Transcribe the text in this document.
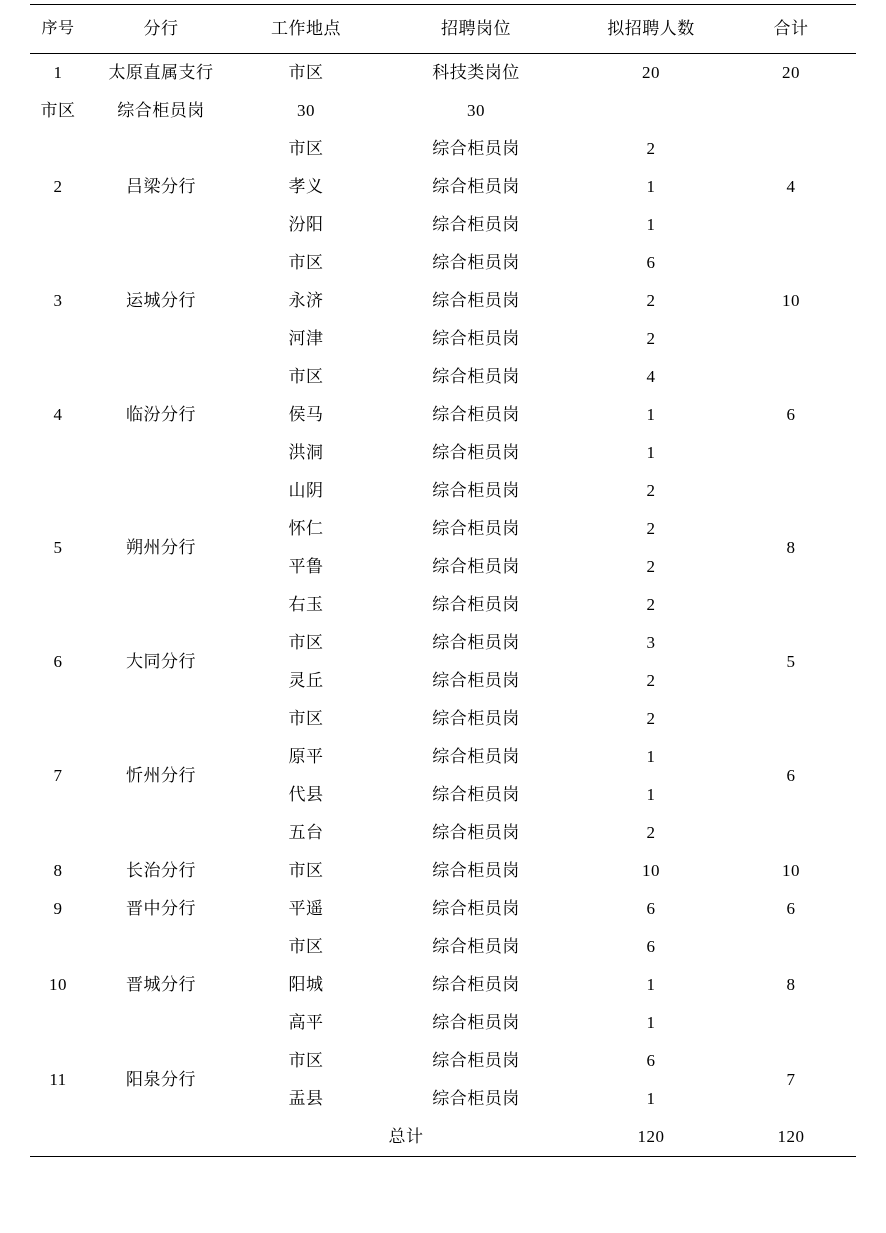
序号	分行	工作地点	招聘岗位	拟招聘人数	合计
1	太原直属支行	市区	科技类岗位	20	20
市区	综合柜员岗	30	30		
2	吕梁分行	市区	综合柜员岗	2	4
		孝义	综合柜员岗	1	
		汾阳	综合柜员岗	1	
3	运城分行	市区	综合柜员岗	6	10
		永济	综合柜员岗	2	
		河津	综合柜员岗	2	
4	临汾分行	市区	综合柜员岗	4	6
		侯马	综合柜员岗	1	
		洪洞	综合柜员岗	1	
5	朔州分行	山阴	综合柜员岗	2	8
		怀仁	综合柜员岗	2	
		平鲁	综合柜员岗	2	
		右玉	综合柜员岗	2	
6	大同分行	市区	综合柜员岗	3	5
		灵丘	综合柜员岗	2	
7	忻州分行	市区	综合柜员岗	2	6
		原平	综合柜员岗	1	
		代县	综合柜员岗	1	
		五台	综合柜员岗	2	
8	长治分行	市区	综合柜员岗	10	10
9	晋中分行	平遥	综合柜员岗	6	6
10	晋城分行	市区	综合柜员岗	6	8
		阳城	综合柜员岗	1	
		高平	综合柜员岗	1	
11	阳泉分行	市区	综合柜员岗	6	7
		盂县	综合柜员岗	1	
		总计		120	120
